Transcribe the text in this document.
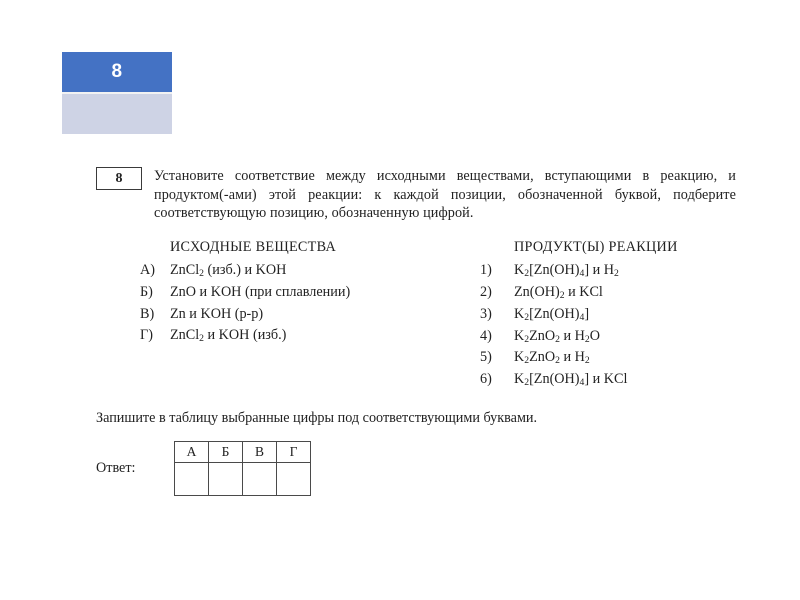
8
8 Установите соответствие между исходными веществами, вступающими в реакцию, и продуктом(-ами) этой реакции: к каждой позиции, обозначенной буквой, подберите соответствующую позицию, обозначенную цифрой.
ИСХОДНЫЕ ВЕЩЕСТВА
А)	ZnCl$_2$ (изб.) и KOH
Б)	ZnO и KOH (при сплавлении)
В)	Zn и KOH (р-р)
Г)	ZnCl$_2$ и KOH (изб.)
ПРОДУКТ(Ы) РЕАКЦИИ
1)	$K_2[Zn(OH)_4]$ и $H_2$
2)	$Zn(OH)_2$ и KCl
3)	$K_2[Zn(OH)_4]$
4)	$K_2ZnO_2$ и $H_2O$
5)	$K_2ZnO_2$ и $H_2$
6)	$K_2[Zn(OH)_4]$ и KCl
Запишите в таблицу выбранные цифры под соответствующими буквами.
Ответ:
А	Б	В	Г
